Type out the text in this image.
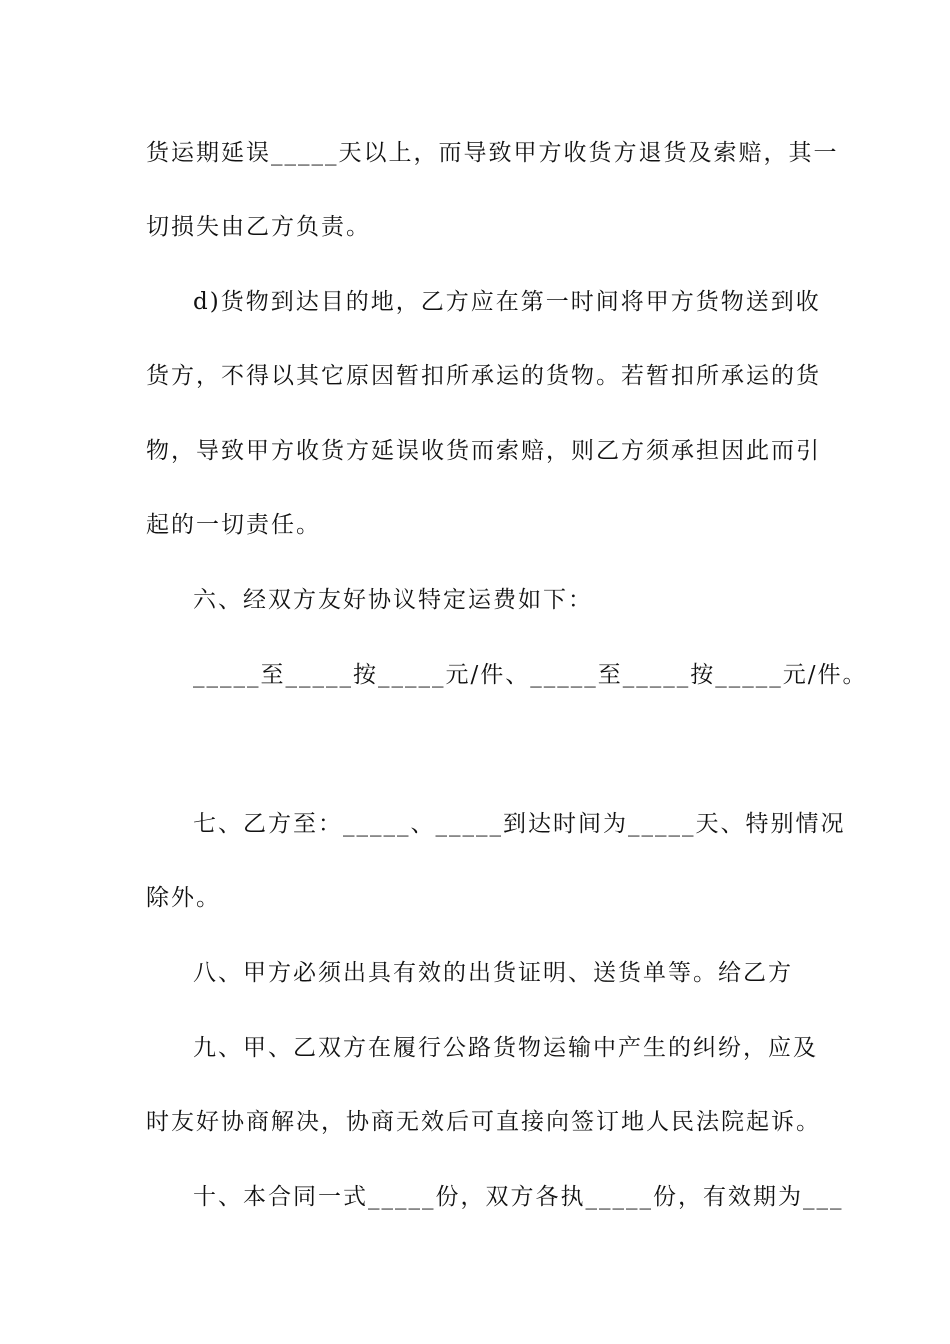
货运期延误_____天以上，而导致甲方收货方退货及索赔，其一
切损失由乙方负责。
d)货物到达目的地，乙方应在第一时间将甲方货物送到收
货方，不得以其它原因暂扣所承运的货物。若暂扣所承运的货
物，导致甲方收货方延误收货而索赔，则乙方须承担因此而引
起的一切责任。
六、经双方友好协议特定运费如下：
_____至_____按_____元/件、_____至_____按_____元/件。
七、乙方至：_____、_____到达时间为_____天、特别情况
除外。
八、甲方必须出具有效的出货证明、送货单等。给乙方
九、甲、乙双方在履行公路货物运输中产生的纠纷，应及
时友好协商解决，协商无效后可直接向签订地人民法院起诉。
十、本合同一式_____份，双方各执_____份，有效期为___
